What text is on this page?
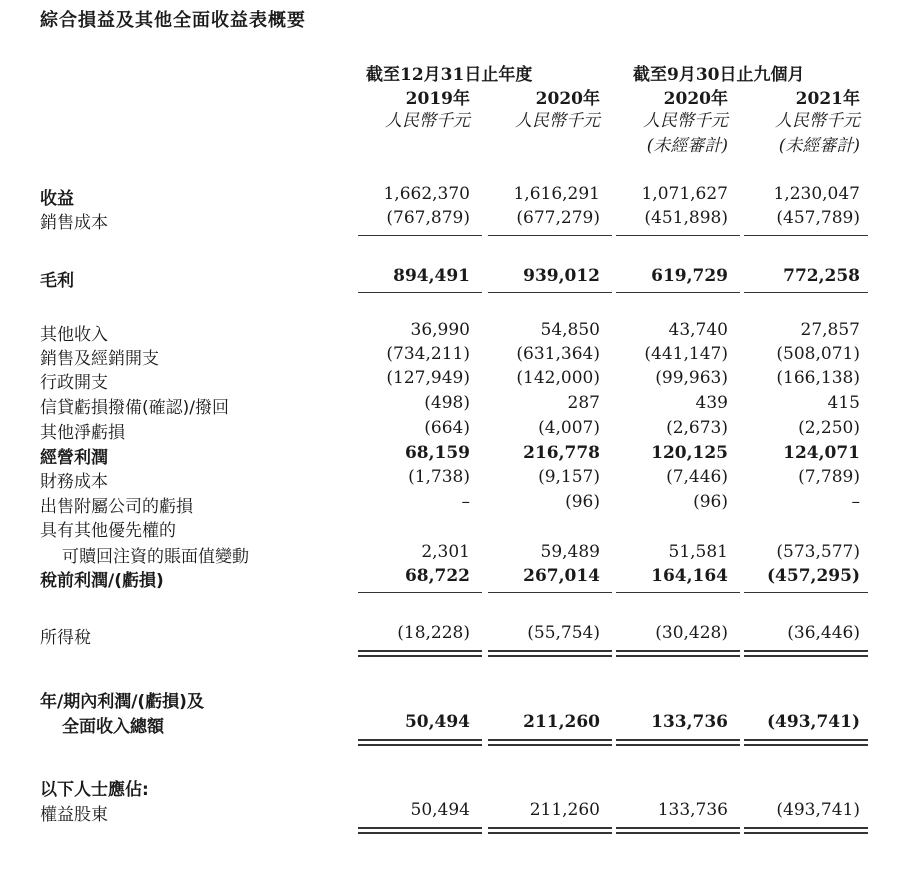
綜合損益及其他全面收益表概要
截至12月31日止年度	截至9月30日止九個月
2019年	2020年	2020年	2021年
人民幣千元	人民幣千元	人民幣千元	人民幣千元
(未經審計)	(未經審計)
收益	1,662,370	1,616,291	1,071,627	1,230,047
銷售成本	(767,879)	(677,279)	(451,898)	(457,789)
毛利	894,491	939,012	619,729	772,258
其他收入	36,990	54,850	43,740	27,857
銷售及經銷開支	(734,211)	(631,364)	(441,147)	(508,071)
行政開支	(127,949)	(142,000)	(99,963)	(166,138)
信貸虧損撥備(確認)/撥回	(498)	287	439	415
其他淨虧損	(664)	(4,007)	(2,673)	(2,250)
經營利潤	68,159	216,778	120,125	124,071
財務成本	(1,738)	(9,157)	(7,446)	(7,789)
出售附屬公司的虧損	–	(96)	(96)	–
具有其他優先權的
可贖回注資的賬面值變動	2,301	59,489	51,581	(573,577)
稅前利潤/(虧損)	68,722	267,014	164,164	(457,295)
所得稅	(18,228)	(55,754)	(30,428)	(36,446)
年/期內利潤/(虧損)及
全面收入總額	50,494	211,260	133,736	(493,741)
以下人士應佔:
權益股東	50,494	211,260	133,736	(493,741)
